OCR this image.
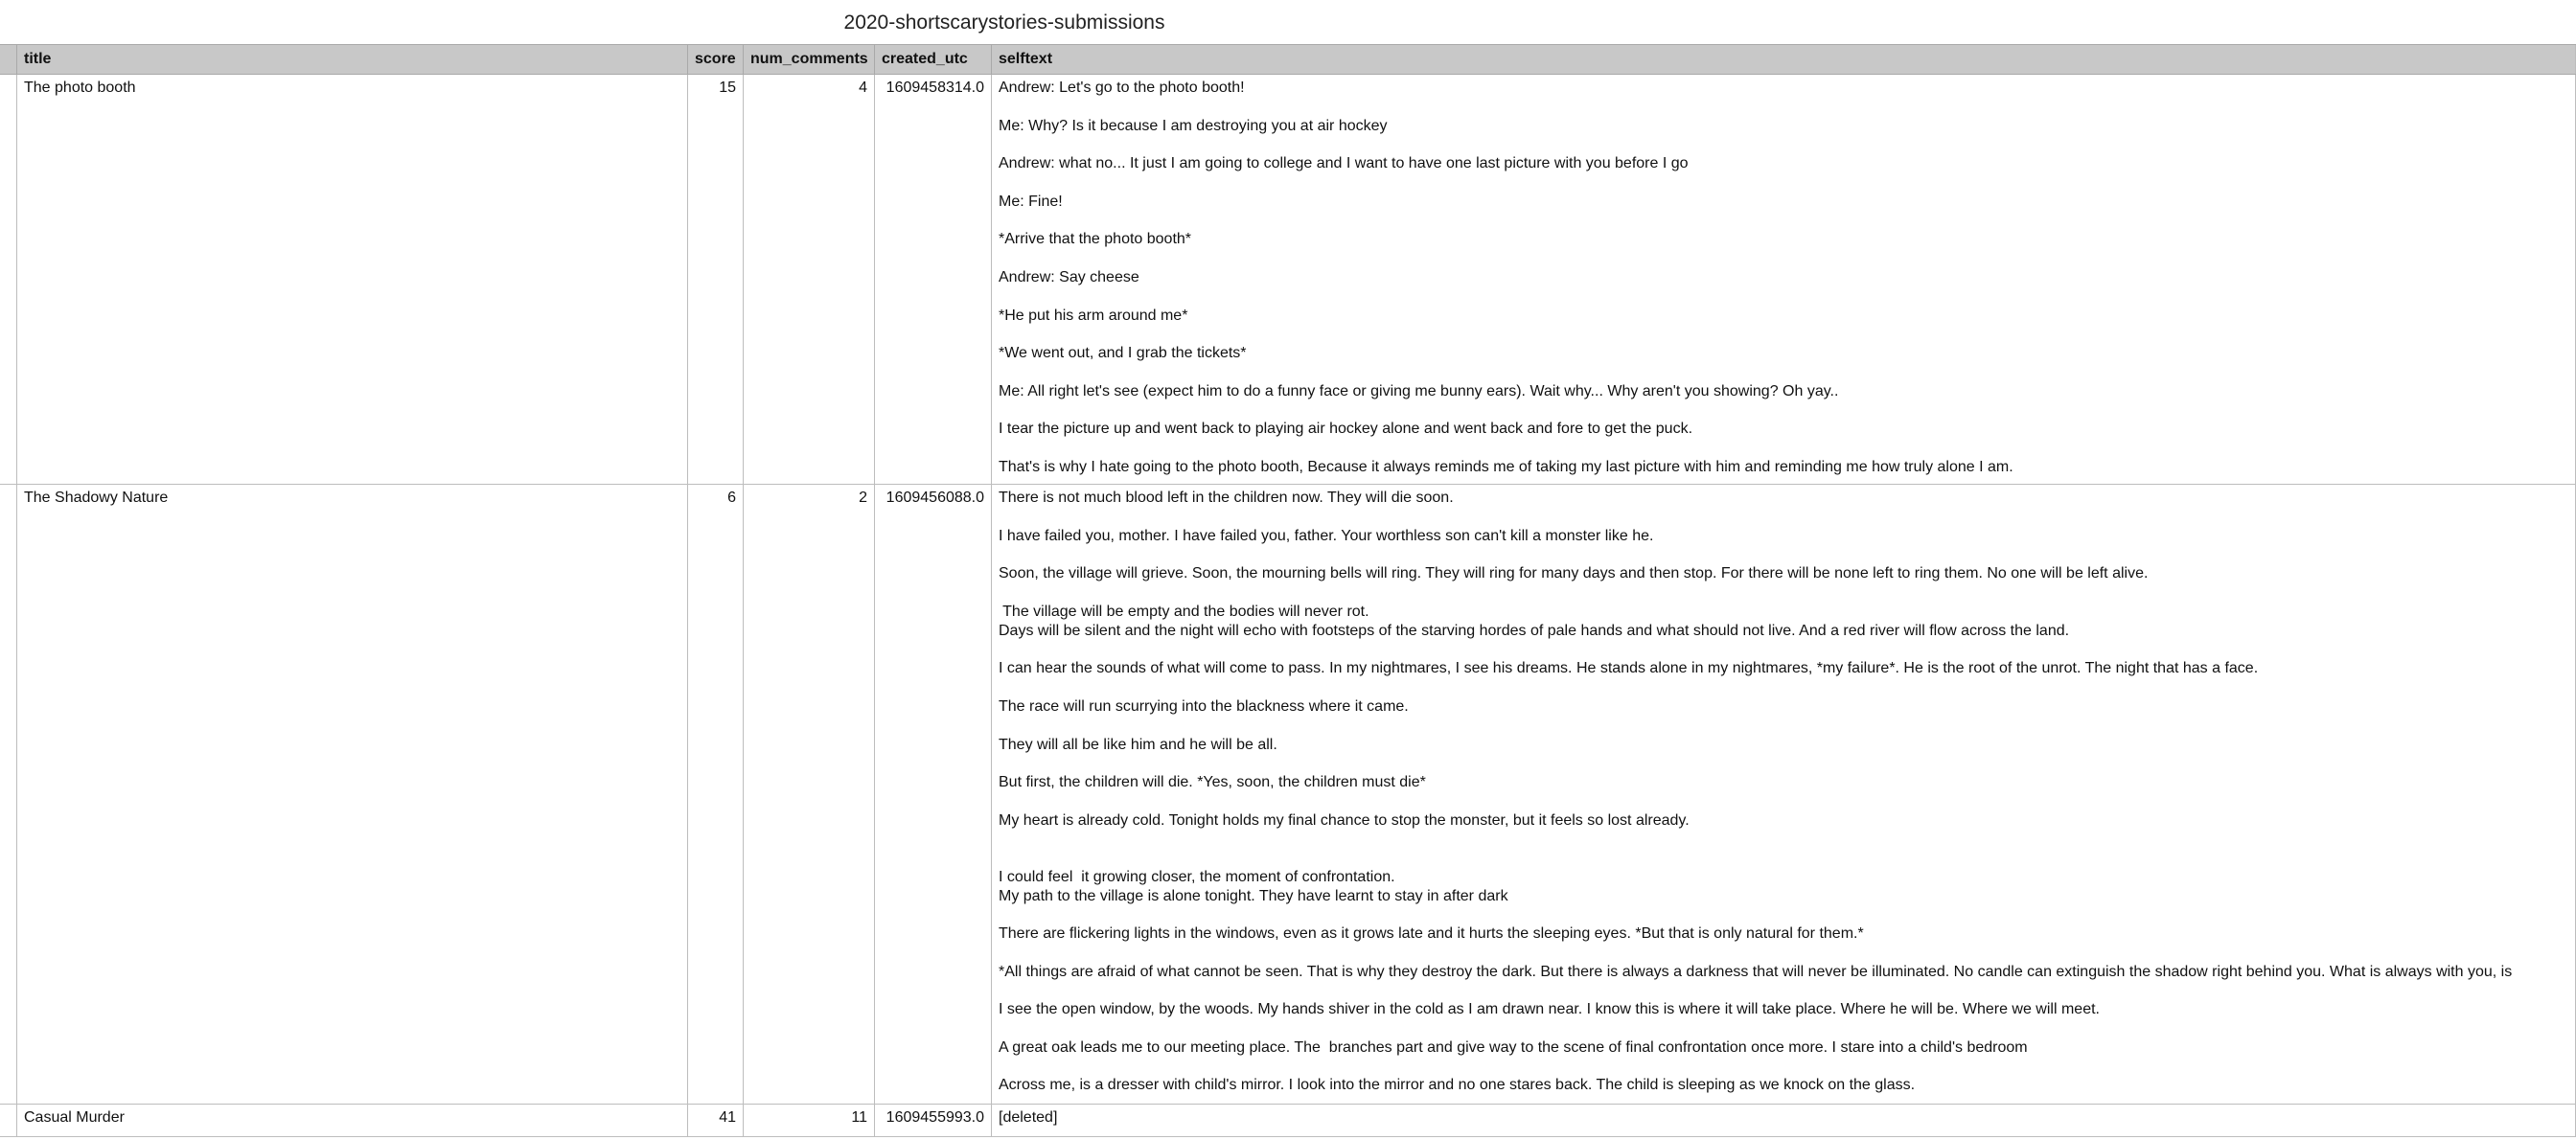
2020-shortscarystories-submissions
title	score num_comments created_utc	selftext
The photo booth	15	4	1609458314.0 Andrew: Let's go to the photo booth!
Me: Why? Is it because I am destroying you at air hockey
Andrew: what no... It just I am going to college and I want to have one last picture with you before I go
Me: Fine!
*Arrive that the photo booth*
Andrew: Say cheese
*He put his arm around me*
*We went out, and I grab the tickets*
Me: All right let's see (expect him to do a funny face or giving me bunny ears). Wait why... Why aren't you showing? Oh yay..
I tear the picture up and went back to playing air hockey alone and went back and fore to get the puck.
That's is why I hate going to the photo booth, Because it always reminds me of taking my last picture with him and reminding me how truly alone I am.
The Shadowy Nature	6	2	1609456088.0 There is not much blood left in the children now. They will die soon.
I have failed you, mother. I have failed you, father. Your worthless son can't kill a monster like he.
Soon, the village will grieve. Soon, the mourning bells will ring. They will ring for many days and then stop. For there will be none left to ring them. No one will be left alive.
The village will be empty and the bodies will never rot.
Days will be silent and the night will echo with footsteps of the starving hordes of pale hands and what should not live. And a red river will flow across the land.
I can hear the sounds of what will come to pass. In my nightmares, I see his dreams. He stands alone in my nightmares, *my failure*. He is the root of the unrot. The night that has a face.
The race will run scurrying into the blackness where it came.
They will all be like him and he will be all.
But first, the children will die. *Yes, soon, the children must die*
My heart is already cold. Tonight holds my final chance to stop the monster, but it feels so lost already.

I could feel  it growing closer, the moment of confrontation.
My path to the village is alone tonight. They have learnt to stay in after dark
There are flickering lights in the windows, even as it grows late and it hurts the sleeping eyes. *But that is only natural for them.*
*All things are afraid of what cannot be seen. That is why they destroy the dark. But there is always a darkness that will never be illuminated. No candle can extinguish the shadow right behind you. What is always with you, is
I see the open window, by the woods. My hands shiver in the cold as I am drawn near. I know this is where it will take place. Where he will be. Where we will meet.
A great oak leads me to our meeting place. The  branches part and give way to the scene of final confrontation once more. I stare into a child's bedroom
Across me, is a dresser with child's mirror. I look into the mirror and no one stares back. The child is sleeping as we knock on the glass.
Casual Murder	41	11	1609455993.0 [deleted]
